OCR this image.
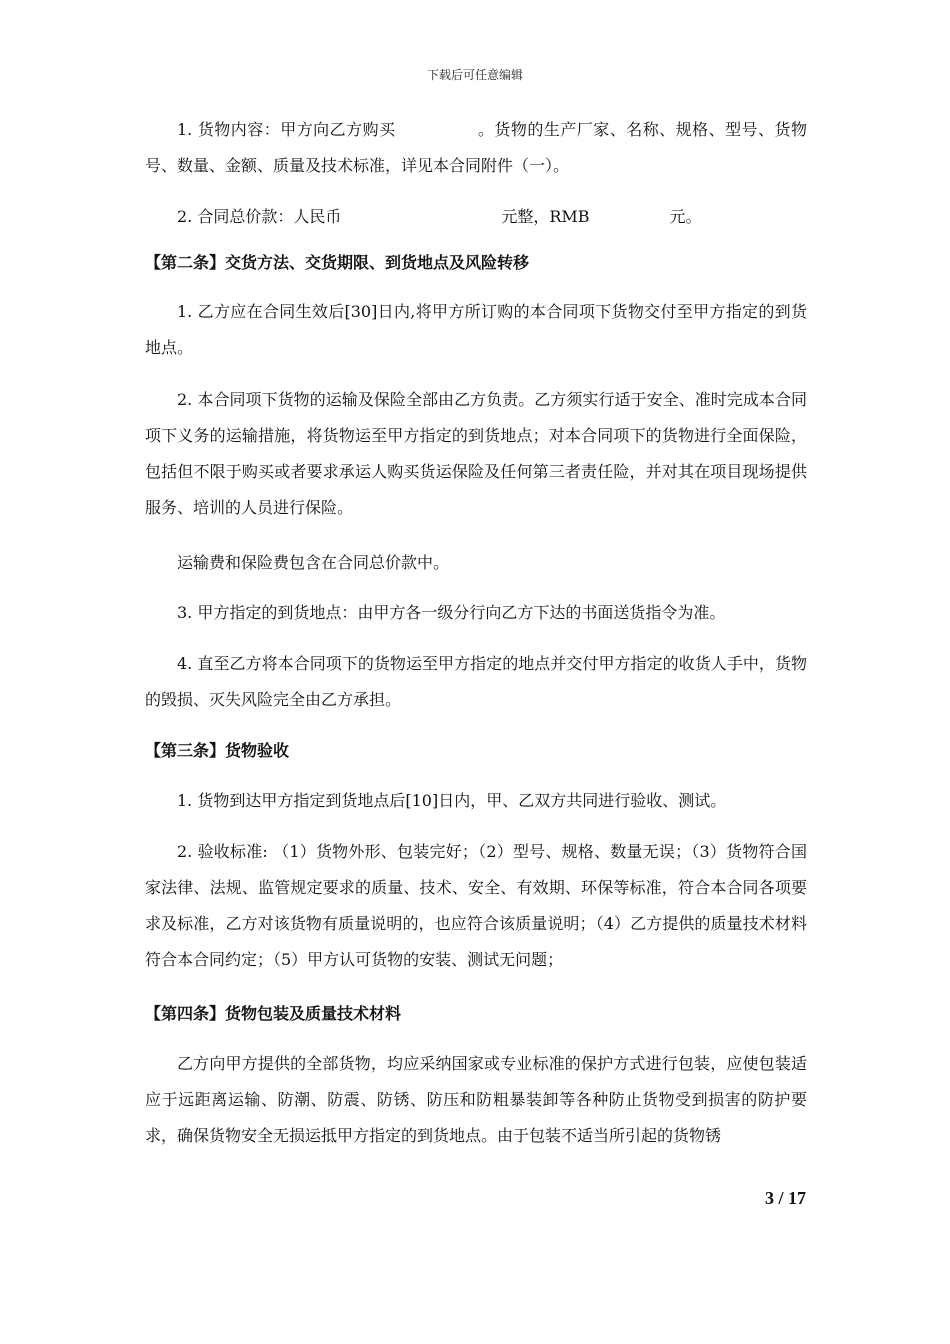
下载后可任意编辑

1. 货物内容：甲方向乙方购买　　　　　。货物的生产厂家、名称、规格、型号、货物号、数量、金额、质量及技术标准，详见本合同附件（一）。

2. 合同总价款：人民币　　　　　　　　　　元整，RMB　　　　　元。

【第二条】交货方法、交货期限、到货地点及风险转移

1. 乙方应在合同生效后[30]日内,将甲方所订购的本合同项下货物交付至甲方指定的到货地点。

2. 本合同项下货物的运输及保险全部由乙方负责。乙方须实行适于安全、准时完成本合同项下义务的运输措施，将货物运至甲方指定的到货地点；对本合同项下的货物进行全面保险，包括但不限于购买或者要求承运人购买货运保险及任何第三者责任险，并对其在项目现场提供服务、培训的人员进行保险。

运输费和保险费包含在合同总价款中。

3. 甲方指定的到货地点：由甲方各一级分行向乙方下达的书面送货指令为准。

4. 直至乙方将本合同项下的货物运至甲方指定的地点并交付甲方指定的收货人手中，货物的毁损、灭失风险完全由乙方承担。

【第三条】货物验收

1. 货物到达甲方指定到货地点后[10]日内，甲、乙双方共同进行验收、测试。

2. 验收标准: （1）货物外形、包装完好；（2）型号、规格、数量无误；（3）货物符合国家法律、法规、监管规定要求的质量、技术、安全、有效期、环保等标准，符合本合同各项要求及标准，乙方对该货物有质量说明的，也应符合该质量说明；（4）乙方提供的质量技术材料符合本合同约定；（5）甲方认可货物的安装、测试无问题；

【第四条】货物包装及质量技术材料

乙方向甲方提供的全部货物，均应采纳国家或专业标准的保护方式进行包装，应使包装适应于远距离运输、防潮、防震、防锈、防压和防粗暴装卸等各种防止货物受到损害的防护要求，确保货物安全无损运抵甲方指定的到货地点。由于包装不适当所引起的货物锈

3 / 17
